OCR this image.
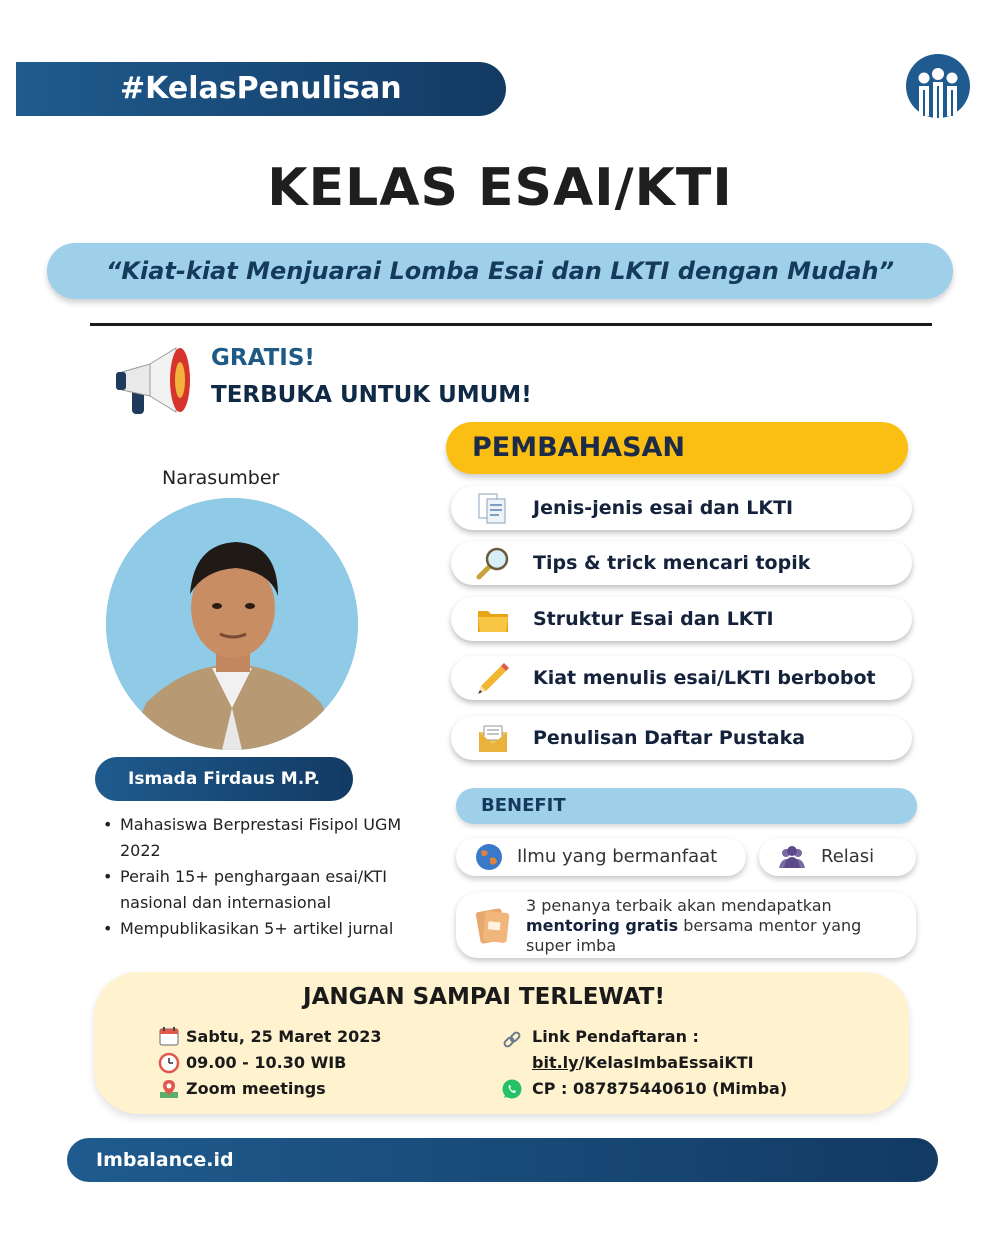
#KelasPenulisan
KELAS ESAI/KTI
“Kiat-kiat Menjuarai Lomba Esai dan LKTI dengan Mudah”
GRATIS!
TERBUKA UNTUK UMUM!
Narasumber
Ismada Firdaus M.P.
• Mahasiswa Berprestasi Fisipol UGM 2022
• Peraih 15+ penghargaan esai/KTI nasional dan internasional
• Mempublikasikan 5+ artikel jurnal
PEMBAHASAN
Jenis-jenis esai dan LKTI
Tips & trick mencari topik
Struktur Esai dan LKTI
Kiat menulis esai/LKTI berbobot
Penulisan Daftar Pustaka
BENEFIT
Ilmu yang bermanfaat	Relasi
3 penanya terbaik akan mendapatkan mentoring gratis bersama mentor yang super imba
JANGAN SAMPAI TERLEWAT!
Sabtu, 25 Maret 2023
09.00 - 10.30 WIB
Zoom meetings
Link Pendaftaran :
bit.ly/KelasImbaEssaiKTI
CP : 087875440610 (Mimba)
Imbalance.id
